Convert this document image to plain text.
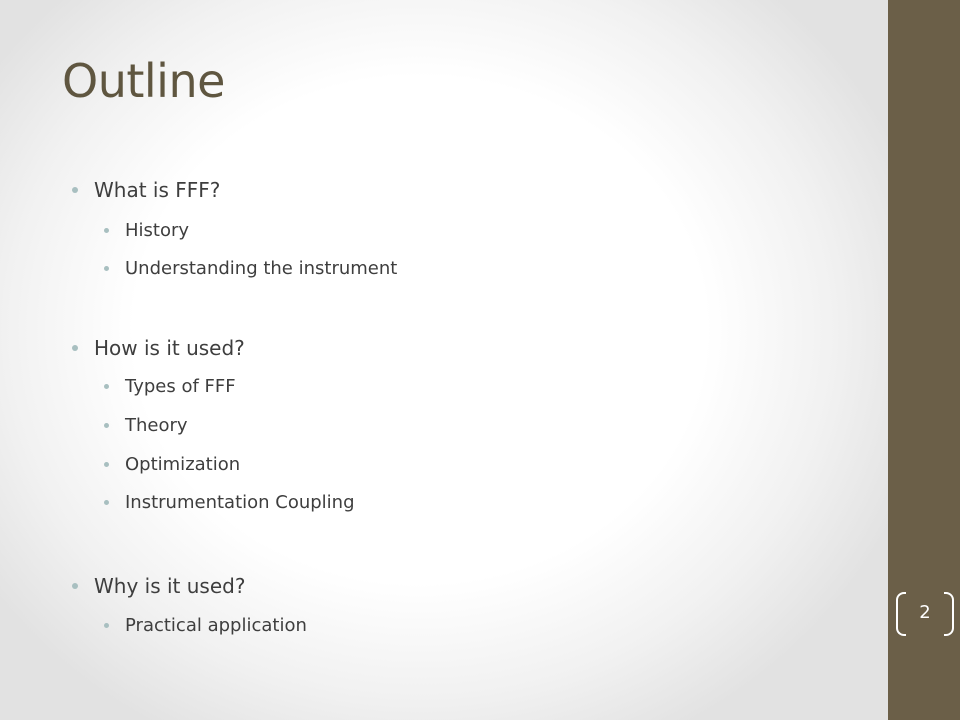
Outline
What is FFF?
History
Understanding the instrument
How is it used?
Types of FFF
Theory
Optimization
Instrumentation Coupling
Why is it used?
Practical application
2
